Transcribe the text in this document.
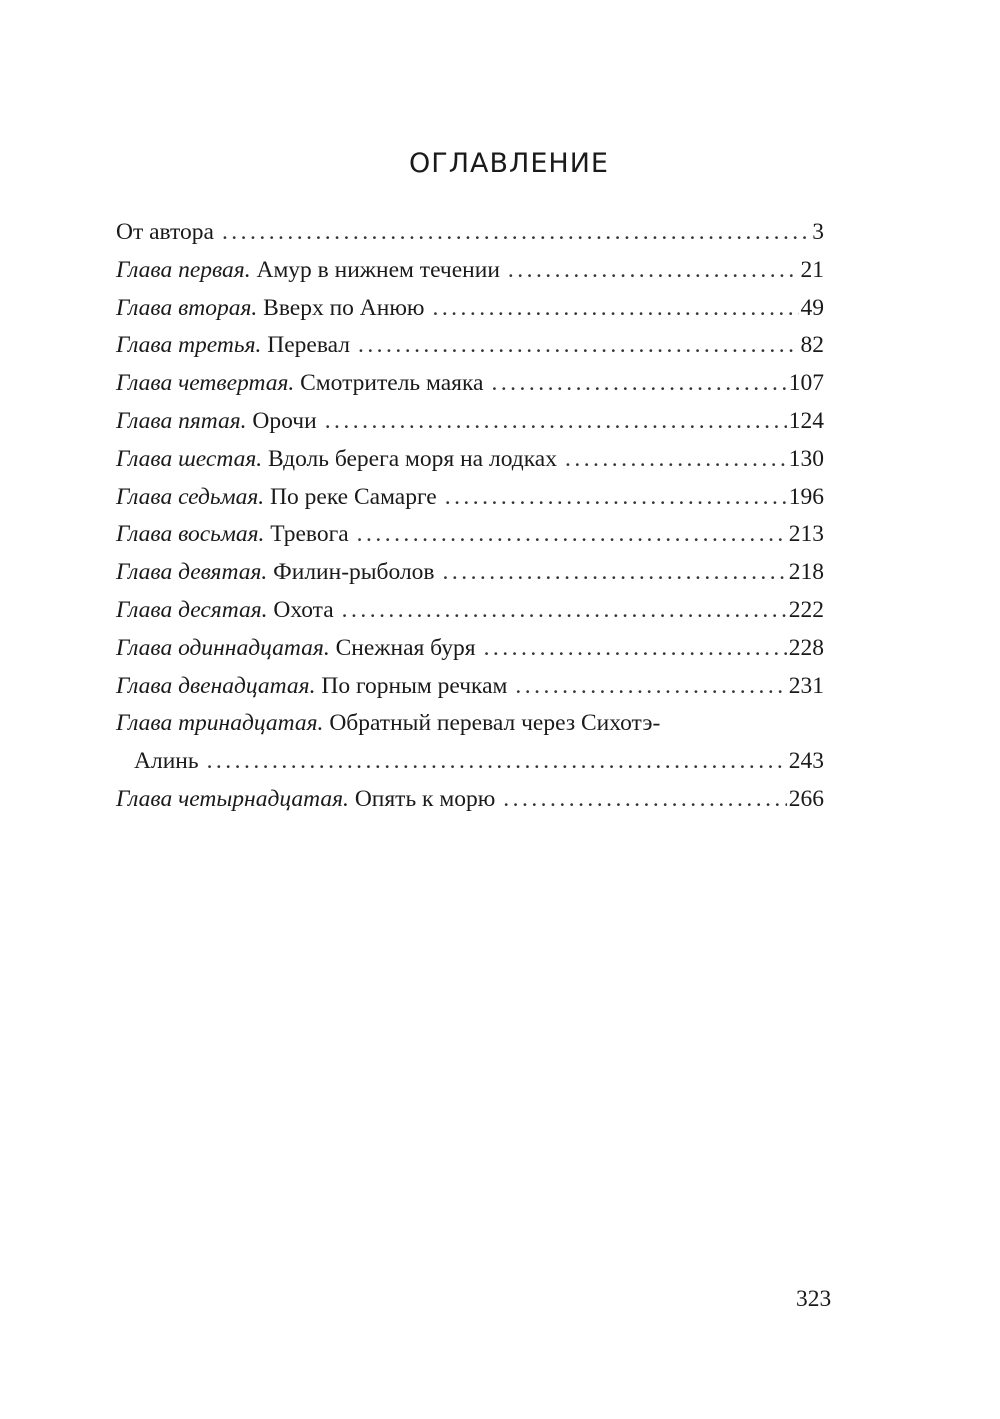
ОГЛАВЛЕНИЕ
От автора . . .	3
Глава первая. Амур в нижнем течении . . .	21
Глава вторая. Вверх по Анюю . . .	49
Глава третья. Перевал . . .	82
Глава четвертая. Смотритель маяка . . .	107
Глава пятая. Орочи . . .	124
Глава шестая. Вдоль берега моря на лодках . . .	130
Глава седьмая. По реке Самарге . . .	196
Глава восьмая. Тревога . . .	213
Глава девятая. Филин-рыболов . . .	218
Глава десятая. Охота . . .	222
Глава одиннадцатая. Снежная буря . . .	228
Глава двенадцатая. По горным речкам . . .	231
Глава тринадцатая. Обратный перевал через Сихотэ-
Алинь . . .	243
Глава четырнадцатая. Опять к морю . . .	266
323
